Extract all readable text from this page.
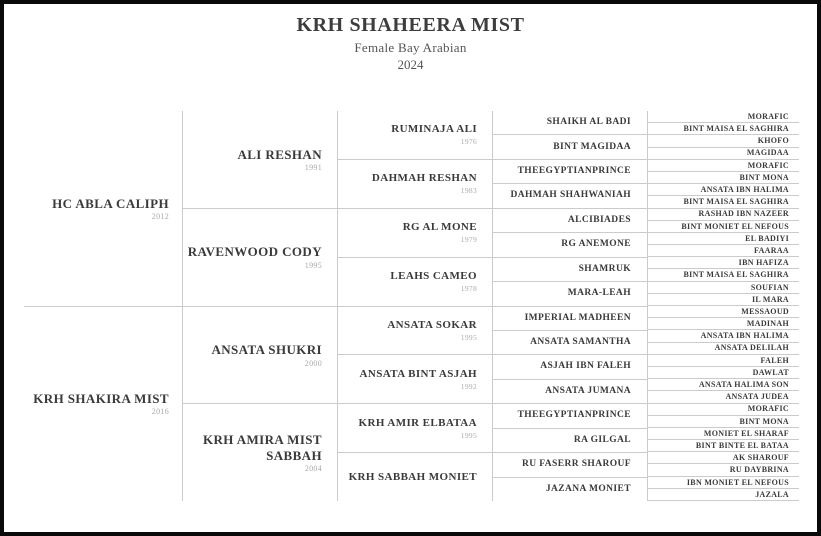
KRH SHAHEERA MIST
Female Bay Arabian
2024
HC ABLA CALIPH
2012
KRH SHAKIRA MIST
2016
ALI RESHAN
1991
RAVENWOOD CODY
1995
ANSATA SHUKRI
2000
KRH AMIRA MIST SABBAH
2004
RUMINAJA ALI
1976
DAHMAH RESHAN
1983
RG AL MONE
1979
LEAHS CAMEO
1978
ANSATA SOKAR
1995
ANSATA BINT ASJAH
1992
KRH AMIR ELBATAA
1995
KRH SABBAH MONIET
SHAIKH AL BADI
BINT MAGIDAA
THEEGYPTIANPRINCE
DAHMAH SHAHWANIAH
ALCIBIADES
RG ANEMONE
SHAMRUK
MARA-LEAH
IMPERIAL MADHEEN
ANSATA SAMANTHA
ASJAH IBN FALEH
ANSATA JUMANA
THEEGYPTIANPRINCE
RA GILGAL
RU FASERR SHAROUF
JAZANA MONIET
MORAFIC
BINT MAISA EL SAGHIRA
KHOFO
MAGIDAA
MORAFIC
BINT MONA
ANSATA IBN HALIMA
BINT MAISA EL SAGHIRA
RASHAD IBN NAZEER
BINT MONIET EL NEFOUS
EL BADIYI
FAARAA
IBN HAFIZA
BINT MAISA EL SAGHIRA
SOUFIAN
IL MARA
MESSAOUD
MADINAH
ANSATA IBN HALIMA
ANSATA DELILAH
FALEH
DAWLAT
ANSATA HALIMA SON
ANSATA JUDEA
MORAFIC
BINT MONA
MONIET EL SHARAF
BINT BINTE EL BATAA
AK SHAROUF
RU DAYBRINA
IBN MONIET EL NEFOUS
JAZALA
